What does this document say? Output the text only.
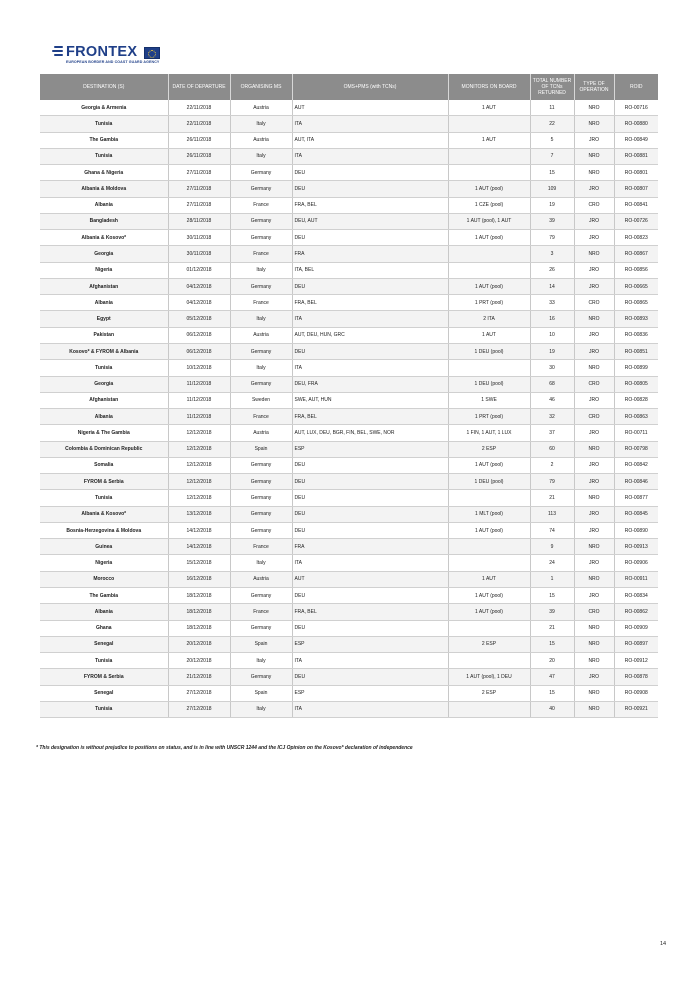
FRONTEX
EUROPEAN BORDER AND COAST GUARD AGENCY
DESTINATION (S)	DATE OF DEPARTURE	ORGANISING MS	OMS+PMS (with TCNs)	MONITORS ON BOARD	TOTAL NUMBER OF TCNs RETURNED	TYPE OF OPERATION	ROID
Georgia & Armenia	22/11/2018	Austria	AUT	1 AUT	11	NRO	RO-00716
Tunisia	22/11/2018	Italy	ITA		22	NRO	RO-00880
The Gambia	26/11/2018	Austria	AUT, ITA	1 AUT	5	JRO	RO-00849
Tunisia	26/11/2018	Italy	ITA		7	NRO	RO-00881
Ghana & Nigeria	27/11/2018	Germany	DEU		15	NRO	RO-00801
Albania & Moldova	27/11/2018	Germany	DEU	1 AUT (pool)	109	JRO	RO-00807
Albania	27/11/2018	France	FRA, BEL	1 CZE (pool)	19	CRO	RO-00841
Bangladesh	28/11/2018	Germany	DEU, AUT	1 AUT (pool), 1 AUT	39	JRO	RO-00726
Albania & Kosovo*	30/11/2018	Germany	DEU	1 AUT (pool)	79	JRO	RO-00823
Georgia	30/11/2018	France	FRA		3	NRO	RO-00867
Nigeria	01/12/2018	Italy	ITA, BEL		26	JRO	RO-00856
Afghanistan	04/12/2018	Germany	DEU	1 AUT (pool)	14	JRO	RO-00665
Albania	04/12/2018	France	FRA, BEL	1 PRT (pool)	33	CRO	RO-00865
Egypt	05/12/2018	Italy	ITA	2 ITA	16	NRO	RO-00893
Pakistan	06/12/2018	Austria	AUT, DEU, HUN, GRC	1 AUT	10	JRO	RO-00836
Kosovo* & FYROM & Albania	06/12/2018	Germany	DEU	1 DEU (pool)	19	JRO	RO-00851
Tunisia	10/12/2018	Italy	ITA		30	NRO	RO-00899
Georgia	11/12/2018	Germany	DEU, FRA	1 DEU (pool)	68	CRO	RO-00805
Afghanistan	11/12/2018	Sweden	SWE, AUT, HUN	1 SWE	46	JRO	RO-00828
Albania	11/12/2018	France	FRA, BEL	1 PRT (pool)	32	CRO	RO-00863
Nigeria & The Gambia	12/12/2018	Austria	AUT, LUX, DEU, BGR, FIN, BEL, SWE, NOR	1 FIN, 1 AUT, 1 LUX	37	JRO	RO-00711
Colombia & Dominican Republic	12/12/2018	Spain	ESP	2 ESP	60	NRO	RO-00798
Somalia	12/12/2018	Germany	DEU	1 AUT (pool)	2	JRO	RO-00842
FYROM & Serbia	12/12/2018	Germany	DEU	1 DEU (pool)	79	JRO	RO-00846
Tunisia	12/12/2018	Germany	DEU		21	NRO	RO-00877
Albania & Kosovo*	13/12/2018	Germany	DEU	1 MLT (pool)	113	JRO	RO-00845
Bosnia-Herzegovina & Moldova	14/12/2018	Germany	DEU	1 AUT (pool)	74	JRO	RO-00890
Guinea	14/12/2018	France	FRA		9	NRO	RO-00913
Nigeria	15/12/2018	Italy	ITA		24	JRO	RO-00906
Morocco	16/12/2018	Austria	AUT	1 AUT	1	NRO	RO-00911
The Gambia	18/12/2018	Germany	DEU	1 AUT (pool)	15	JRO	RO-00834
Albania	18/12/2018	France	FRA, BEL	1 AUT (pool)	39	CRO	RO-00862
Ghana	18/12/2018	Germany	DEU		21	NRO	RO-00909
Senegal	20/12/2018	Spain	ESP	2 ESP	15	NRO	RO-00897
Tunisia	20/12/2018	Italy	ITA		20	NRO	RO-00912
FYROM & Serbia	21/12/2018	Germany	DEU	1 AUT (pool), 1 DEU	47	JRO	RO-00878
Senegal	27/12/2018	Spain	ESP	2 ESP	15	NRO	RO-00908
Tunisia	27/12/2018	Italy	ITA		40	NRO	RO-00921
* This designation is without prejudice to positions on status, and is in line with UNSCR 1244 and the ICJ Opinion on the Kosovo* declaration of independence
14
